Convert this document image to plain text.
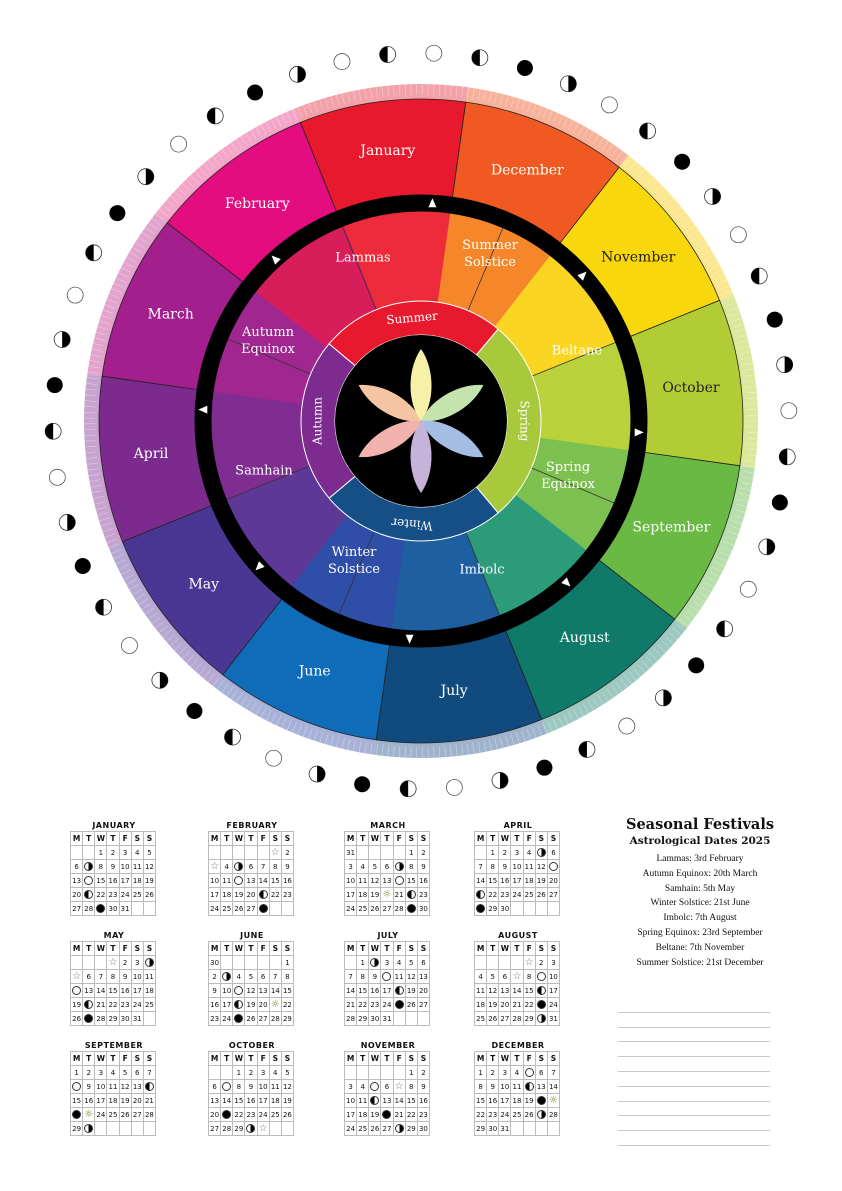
January
December
November
October
September
August
July
June
May
April
March
February
Lammas
Summer Solstice
Beltane
Spring Equinox
Imbolc
Winter Solstice
Samhain
Autumn Equinox
Summer
Spring
Winter
Autumn
JANUARY
M	T	W	T	F	S	S
		1	2	3	4	5
6		8	9	10	11	12
13		15	16	17	18	19
20		22	23	24	25	26
27	28		30	31		
FEBRUARY
M	T	W	T	F	S	S
					☆	2
☆	4		6	7	8	9
10	11		13	14	15	16
17	18	19	20		22	23
24	25	26	27			
MARCH
M	T	W	T	F	S	S
31					1	2
3	4	5	6		8	9
10	11	12	13		15	16
17	18	19	☼	21		23
24	25	26	27	28		30
APRIL
M	T	W	T	F	S	S
	1	2	3	4		6
7	8	9	10	11	12	
14	15	16	17	18	19	20
	22	23	24	25	26	27
	29	30				
MAY
M	T	W	T	F	S	S
			☆	2	3	
☆	6	7	8	9	10	11
	13	14	15	16	17	18
19		21	22	23	24	25
26		28	29	30	31	
JUNE
M	T	W	T	F	S	S
30						1
2		4	5	6	7	8
9	10		12	13	14	15
16	17		19	20	☼	22
23	24		26	27	28	29
JULY
M	T	W	T	F	S	S
	1		3	4	5	6
7	8	9		11	12	13
14	15	16	17		19	20
21	22	23	24		26	27
28	29	30	31			
AUGUST
M	T	W	T	F	S	S
				☆	2	3
4	5	6	☆	8		10
11	12	13	14	15		17
18	19	20	21	22		24
25	26	27	28	29		31
SEPTEMBER
M	T	W	T	F	S	S
1	2	3	4	5	6	7
	9	10	11	12	13	
15	16	17	18	19	20	21
	☼	24	25	26	27	28
29						
OCTOBER
M	T	W	T	F	S	S
		1	2	3	4	5
6		8	9	10	11	12
13	14	15	16	17	18	19
20		22	23	24	25	26
27	28	29		☆		
NOVEMBER
M	T	W	T	F	S	S
					1	2
3	4		6	☆	8	9
10	11		13	14	15	16
17	18	19		21	22	23
24	25	26	27		29	30
DECEMBER
M	T	W	T	F	S	S
1	2	3	4		6	7
8	9	10	11		13	14
15	16	17	18	19		☼
22	23	24	25	26		28
29	30	31				
Seasonal Festivals
Astrological Dates 2025
Lammas: 3rd February
Autumn Equinox: 20th March
Samhain: 5th May
Winter Solstice: 21st June
Imbolc: 7th August
Spring Equinox: 23rd September
Beltane: 7th November
Summer Solstice: 21st December
